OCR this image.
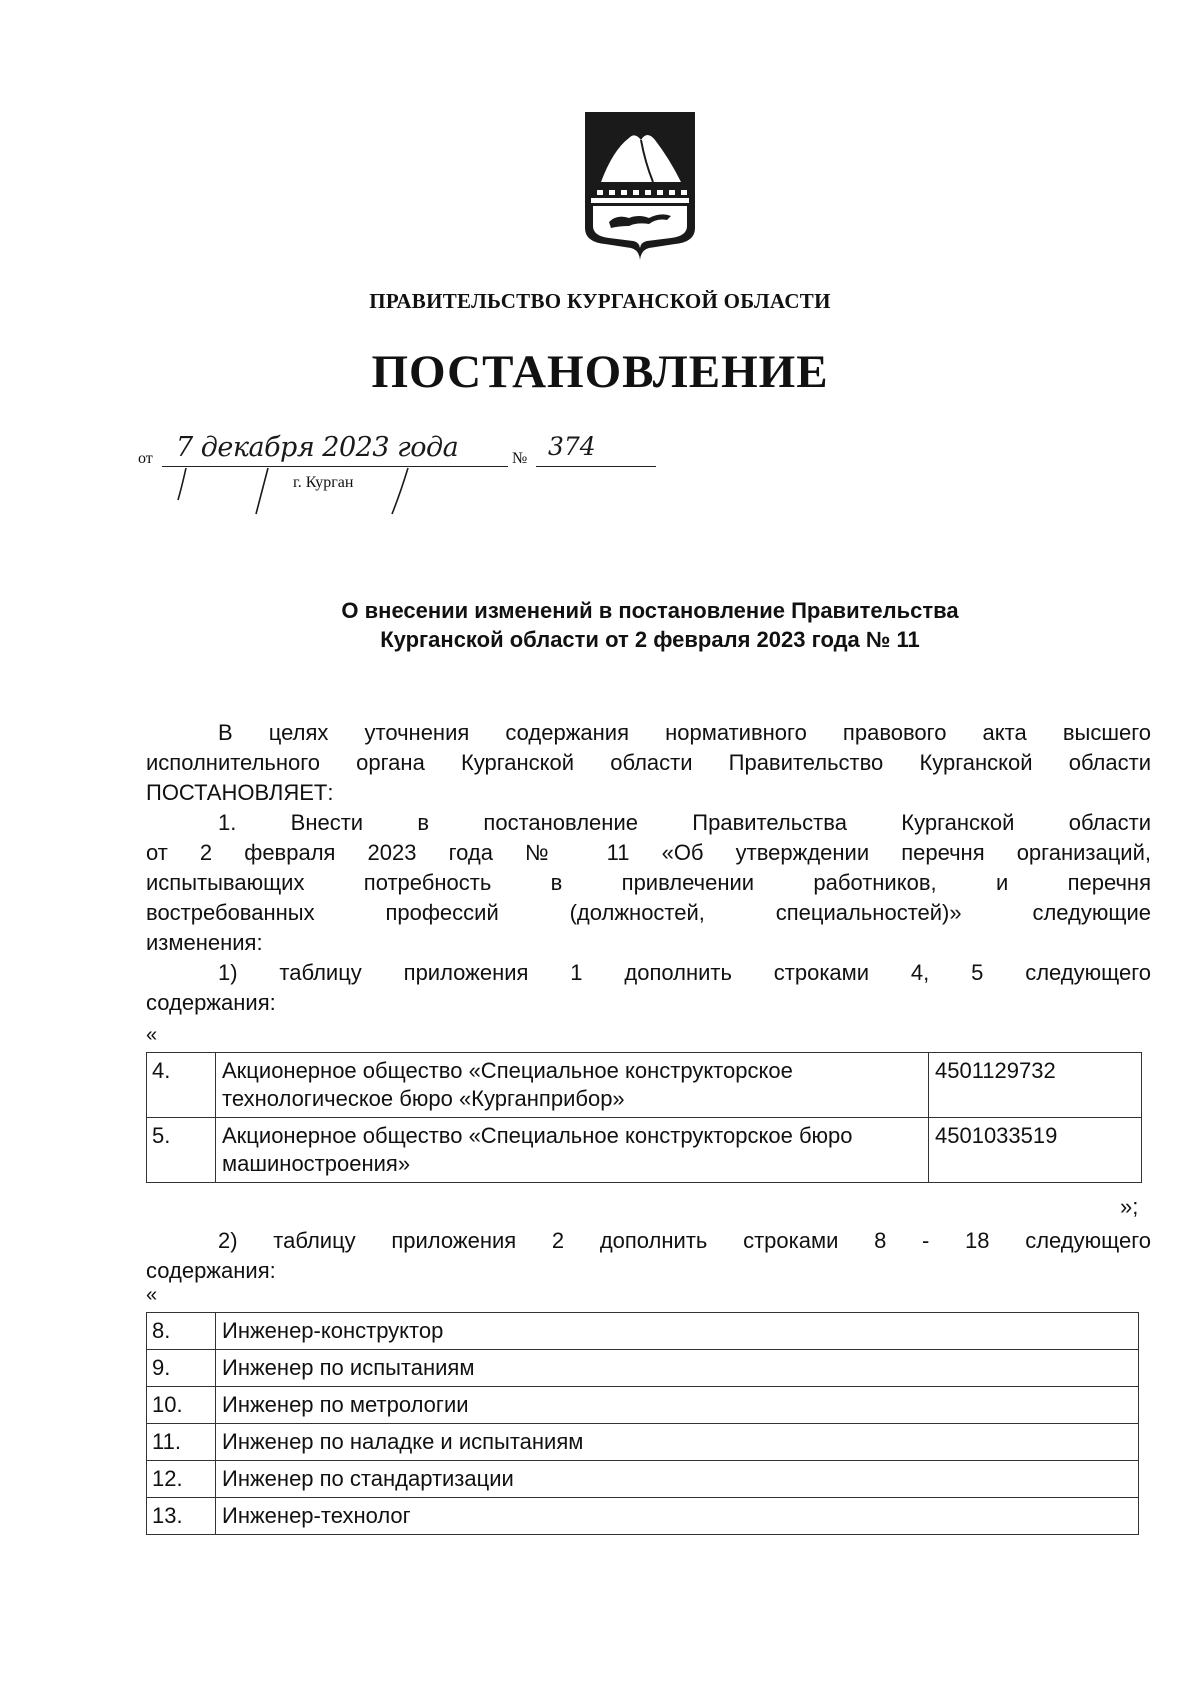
ПРАВИТЕЛЬСТВО КУРГАНСКОЙ ОБЛАСТИ
ПОСТАНОВЛЕНИЕ
от 7 декабря 2023 года	№ 374
г. Курган
О внесении изменений в постановление Правительства
Курганской области от 2 февраля 2023 года № 11

В целях уточнения содержания нормативного правового акта высшего

исполнительного органа Курганской области Правительство Курганской области

ПОСТАНОВЛЯЕТ:

1. Внести в постановление Правительства Курганской области

от 2 февраля 2023 года № 11 «Об утверждении перечня организаций,

испытывающих потребность в привлечении работников, и перечня

востребованных профессий (должностей, специальностей)» следующие

изменения:

1) таблицу приложения 1 дополнить строками 4, 5 следующего

содержания:

«
4.	Акционерное общество «Специальное конструкторское технологическое бюро «Курганприбор»	4501129732
5.	Акционерное общество «Специальное конструкторское бюро машиностроения»	4501033519
»;

2) таблицу приложения 2 дополнить строками 8 - 18 следующего

содержания:

«
8.	Инженер-конструктор
9.	Инженер по испытаниям
10.	Инженер по метрологии
11.	Инженер по наладке и испытаниям
12.	Инженер по стандартизации
13.	Инженер-технолог
